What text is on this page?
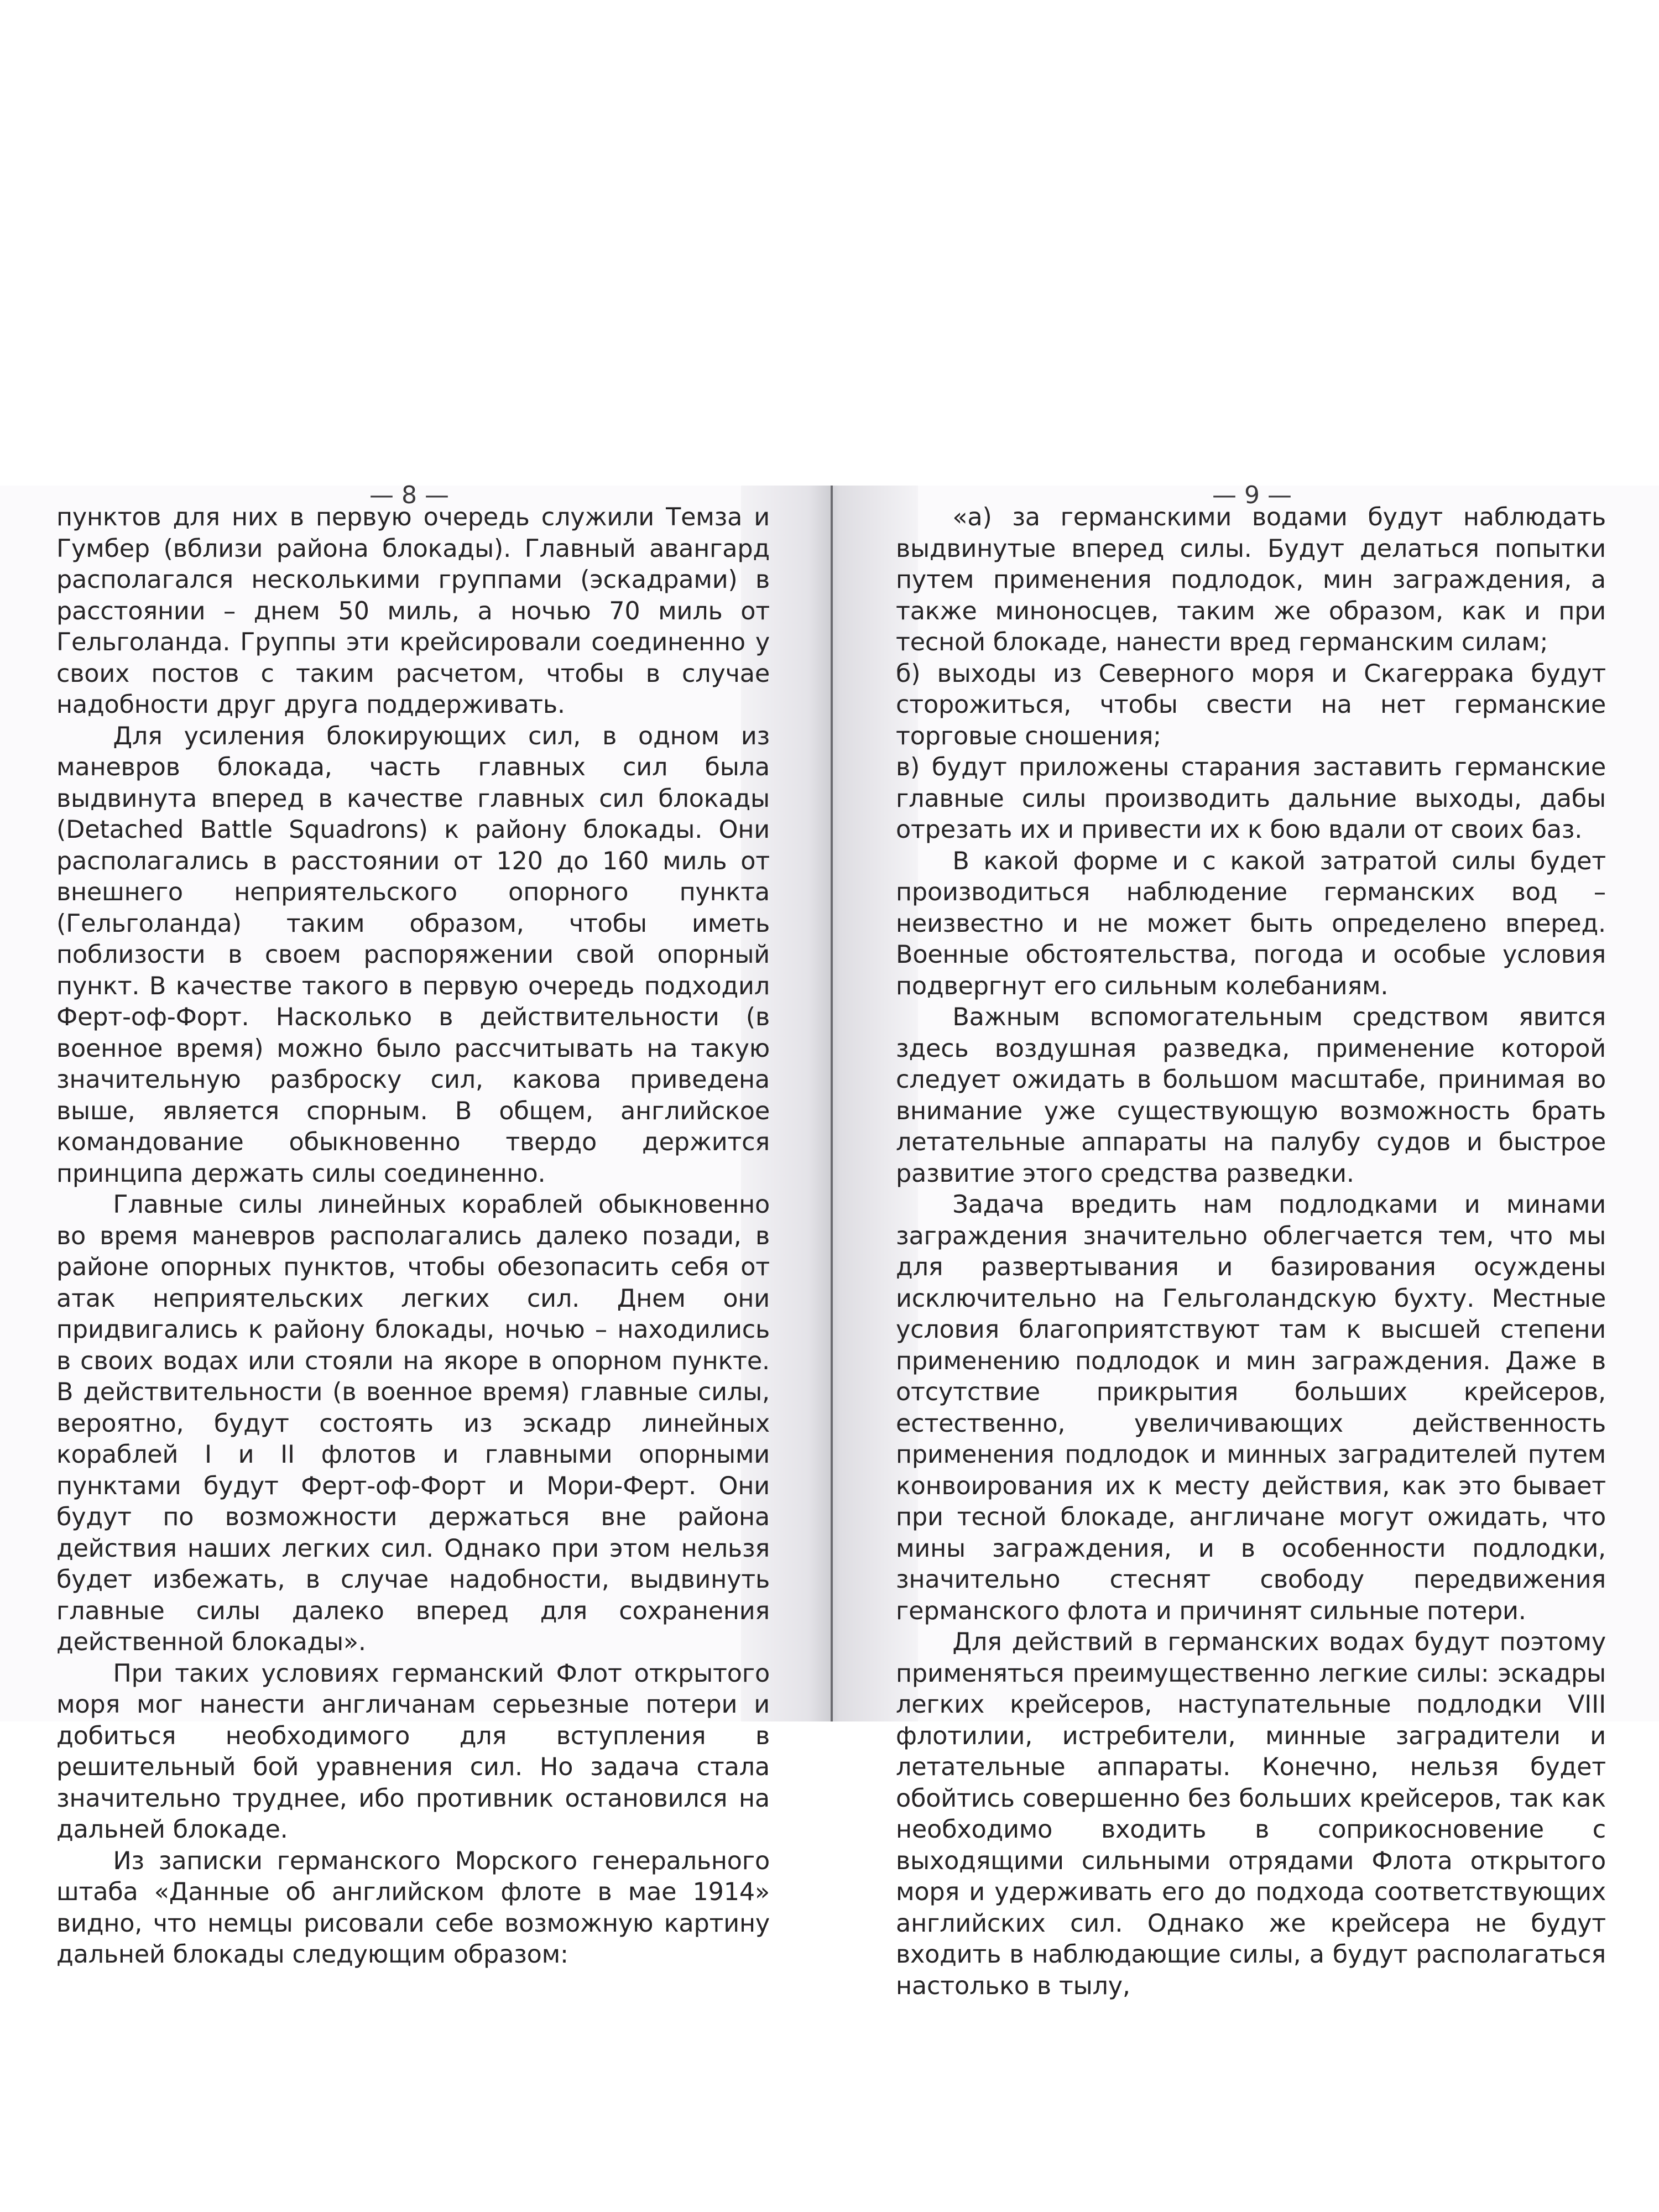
— 8 —

пунктов для них в первую очередь служили Темза и Гумбер (вблизи района блокады). Главный авангард располагался несколькими группами (эскадрами) в расстоянии – днем 50 миль, а ночью 70 миль от Гельголанда. Группы эти крейсировали соединенно у своих постов с таким расчетом, чтобы в случае надобности друг друга поддерживать.

Для усиления блокирующих сил, в одном из маневров блокада, часть главных сил была выдвинута вперед в качестве главных сил блокады (Detached Battle Squadrons) к району блокады. Они располагались в расстоянии от 120 до 160 миль от внешнего неприятельского опорного пункта (Гельголанда) таким образом, чтобы иметь поблизости в своем распоряжении свой опорный пункт. В качестве такого в первую очередь подходил Ферт-оф-Форт. Насколько в действительности (в военное время) можно было рассчитывать на такую значительную разброску сил, какова приведена выше, является спорным. В общем, английское командование обыкновенно твердо держится принципа держать силы соединенно.

Главные силы линейных кораблей обыкновенно во время маневров располагались далеко позади, в районе опорных пунктов, чтобы обезопасить себя от атак неприятельских легких сил. Днем они придвигались к району блокады, ночью – находились в своих водах или стояли на якоре в опорном пункте. В действительности (в военное время) главные силы, вероятно, будут состоять из эскадр линейных кораблей I и II флотов и главными опорными пунктами будут Ферт-оф-Форт и Мори-Ферт. Они будут по возможности держаться вне района действия наших легких сил. Однако при этом нельзя будет избежать, в случае надобности, выдвинуть главные силы далеко вперед для сохранения действенной блокады».

При таких условиях германский Флот открытого моря мог нанести англичанам серьезные потери и добиться необходимого для вступления в решительный бой уравнения сил. Но задача стала значительно труднее, ибо противник остановился на дальней блокаде.

Из записки германского Морского генерального штаба «Данные об английском флоте в мае 1914» видно, что немцы рисовали себе возможную картину дальней блокады следующим образом:

— 9 —

«а) за германскими водами будут наблюдать выдвинутые вперед силы. Будут делаться попытки путем применения подлодок, мин заграждения, а также миноносцев, таким же образом, как и при тесной блокаде, нанести вред германским силам;

б) выходы из Северного моря и Скагеррака будут сторожиться, чтобы свести на нет германские торговые сношения;

в) будут приложены старания заставить германские главные силы производить дальние выходы, дабы отрезать их и привести их к бою вдали от своих баз.

В какой форме и с какой затратой силы будет производиться наблюдение германских вод – неизвестно и не может быть определено вперед. Военные обстоятельства, погода и особые условия подвергнут его сильным колебаниям.

Важным вспомогательным средством явится здесь воздушная разведка, применение которой следует ожидать в большом масштабе, принимая во внимание уже существующую возможность брать летательные аппараты на палубу судов и быстрое развитие этого средства разведки.

Задача вредить нам подлодками и минами заграждения значительно облегчается тем, что мы для развертывания и базирования осуждены исключительно на Гельголандскую бухту. Местные условия благоприятствуют там к высшей степени применению подлодок и мин заграждения. Даже в отсутствие прикрытия больших крейсеров, естественно, увеличивающих действенность применения подлодок и минных заградителей путем конвоирования их к месту действия, как это бывает при тесной блокаде, англичане могут ожидать, что мины заграждения, и в особенности подлодки, значительно стеснят свободу передвижения германского флота и причинят сильные потери.

Для действий в германских водах будут поэтому применяться преимущественно легкие силы: эскадры легких крейсеров, наступательные подлодки VIII флотилии, истребители, минные заградители и летательные аппараты. Конечно, нельзя будет обойтись совершенно без больших крейсеров, так как необходимо входить в соприкосновение с выходящими сильными отрядами Флота открытого моря и удерживать его до подхода соответствующих английских сил. Однако же крейсера не будут входить в наблюдающие силы, а будут располагаться настолько в тылу,
